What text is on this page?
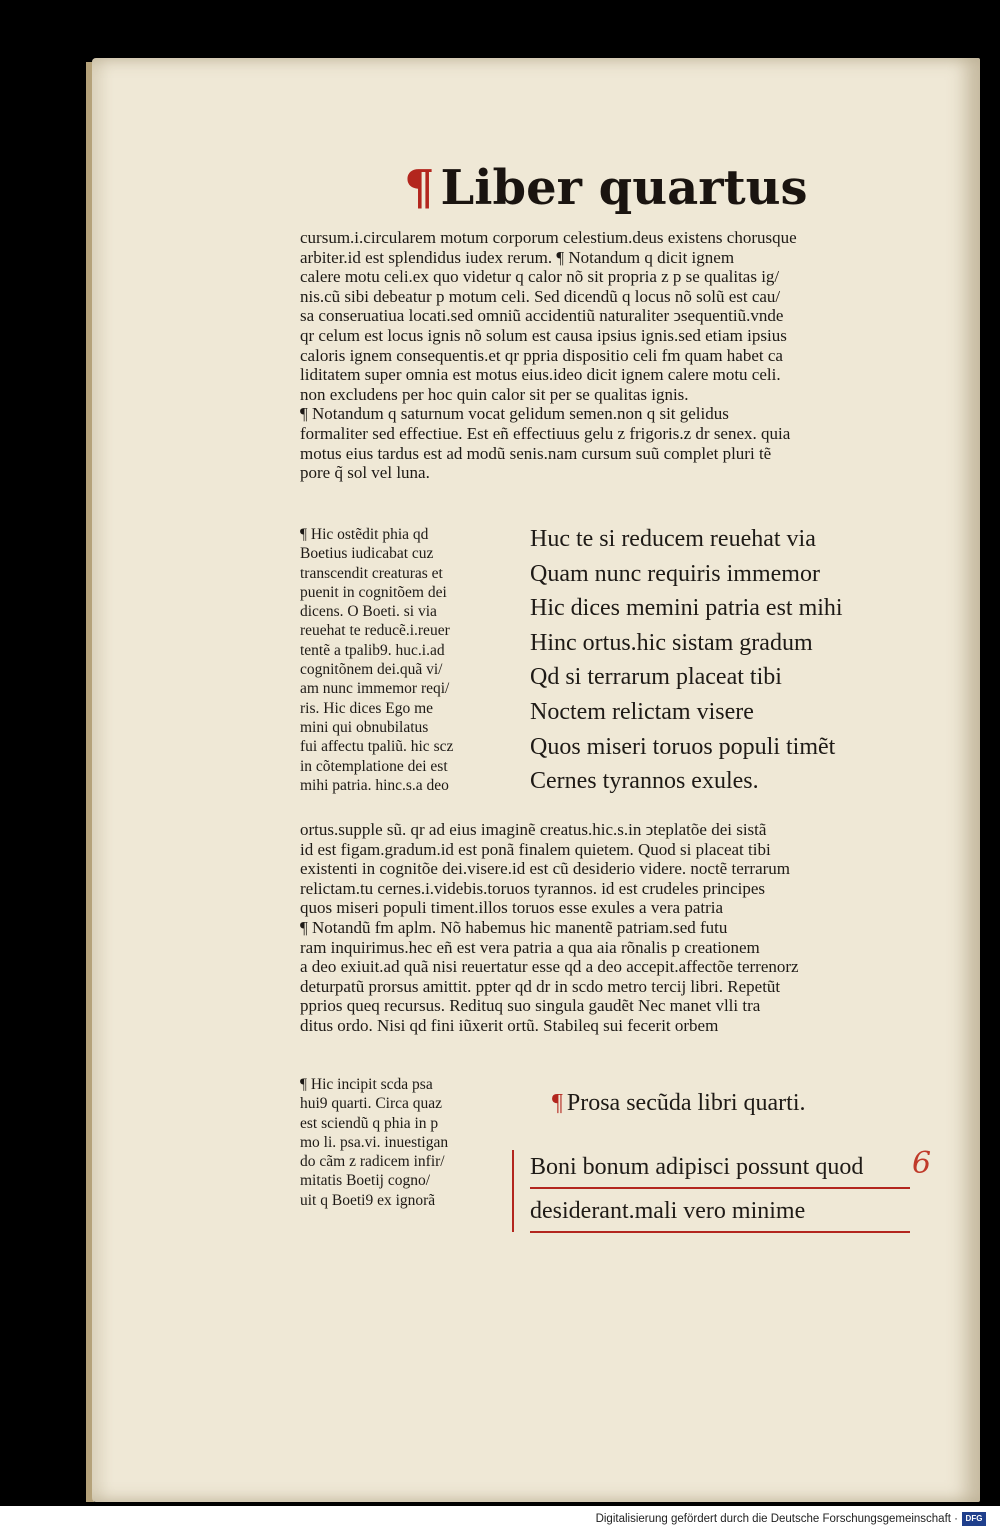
¶ Liber quartus
cursum.i.circularem motum corporum celestium.deus existens chorusque
arbiter.id est splendidus iudex rerum. ¶ Notandum q dicit ignem
calere motu celi.ex quo videtur q calor nõ sit propria z p se qualitas ig/
nis.cũ sibi debeatur p motum celi. Sed dicendũ q locus nõ solũ est cau/
sa conseruatiua locati.sed omniũ accidentiũ naturaliter ↄsequentiũ.vnde
qr celum est locus ignis nõ solum est causa ipsius ignis.sed etiam ipsius
caloris ignem consequentis.et qr ppria dispositio celi fm quam habet ca
liditatem super omnia est motus eius.ideo dicit ignem calere motu celi.
non excludens per hoc quin calor sit per se qualitas ignis.
¶ Notandum q saturnum vocat gelidum semen.non q sit gelidus
formaliter sed effectiue. Est eñ effectiuus gelu z frigoris.z dr senex. quia
motus eius tardus est ad modũ senis.nam cursum suũ complet pluri tẽ
pore q̃ sol vel luna.
¶ Hic ostẽdit phia qd
Boetius iudicabat cuz
transcendit creaturas et
puenit in cognitõem dei
dicens. O Boeti. si via
reuehat te reducẽ.i.reuer
tentẽ a tpalib9. huc.i.ad
cognitõnem dei.quã vi/
am nunc immemor reqi/
ris. Hic dices Ego me
mini qui obnubilatus
fui affectu tpaliũ. hic scz
in cõtemplatione dei est
mihi patria. hinc.s.a deo
Huc te si reducem reuehat via
Quam nunc requiris immemor
Hic dices memini patria est mihi
Hinc ortus.hic sistam gradum
Qd si terrarum placeat tibi
Noctem relictam visere
Quos miseri toruos populi timẽt
Cernes tyrannos exules.
ortus.supple sũ. qr ad eius imaginẽ creatus.hic.s.in ↄteplatõe dei sistã
id est figam.gradum.id est ponã finalem quietem. Quod si placeat tibi
existenti in cognitõe dei.visere.id est cũ desiderio videre. noctẽ terrarum
relictam.tu cernes.i.videbis.toruos tyrannos. id est crudeles principes
quos miseri populi timent.illos toruos esse exules a vera patria
¶ Notandũ fm aplm. Nõ habemus hic manentẽ patriam.sed futu
ram inquirimus.hec eñ est vera patria a qua aia rõnalis p creationem
a deo exiuit.ad quã nisi reuertatur esse qd a deo accepit.affectõe terrenorz
deturpatũ prorsus amittit. ppter qd dr in scdo metro tercij libri. Repetũt
pprios queq recursus. Redituq suo singula gaudẽt Nec manet vlli tra
ditus ordo. Nisi qd fini iũxerit ortũ. Stabileq sui fecerit orbem
¶ Hic incipit scda psa
hui9 quarti. Circa quaz
est sciendũ q phia in p
mo li. psa.vi. inuestigan
do cãm z radicem infir/
mitatis Boetij cogno/
uit q Boeti9 ex ignorã
¶ Prosa secũda libri quarti.
Boni bonum adipisci possunt quod
desiderant.mali vero minime
6
Digitalisierung gefördert durch die Deutsche Forschungsgemeinschaft · DFG
